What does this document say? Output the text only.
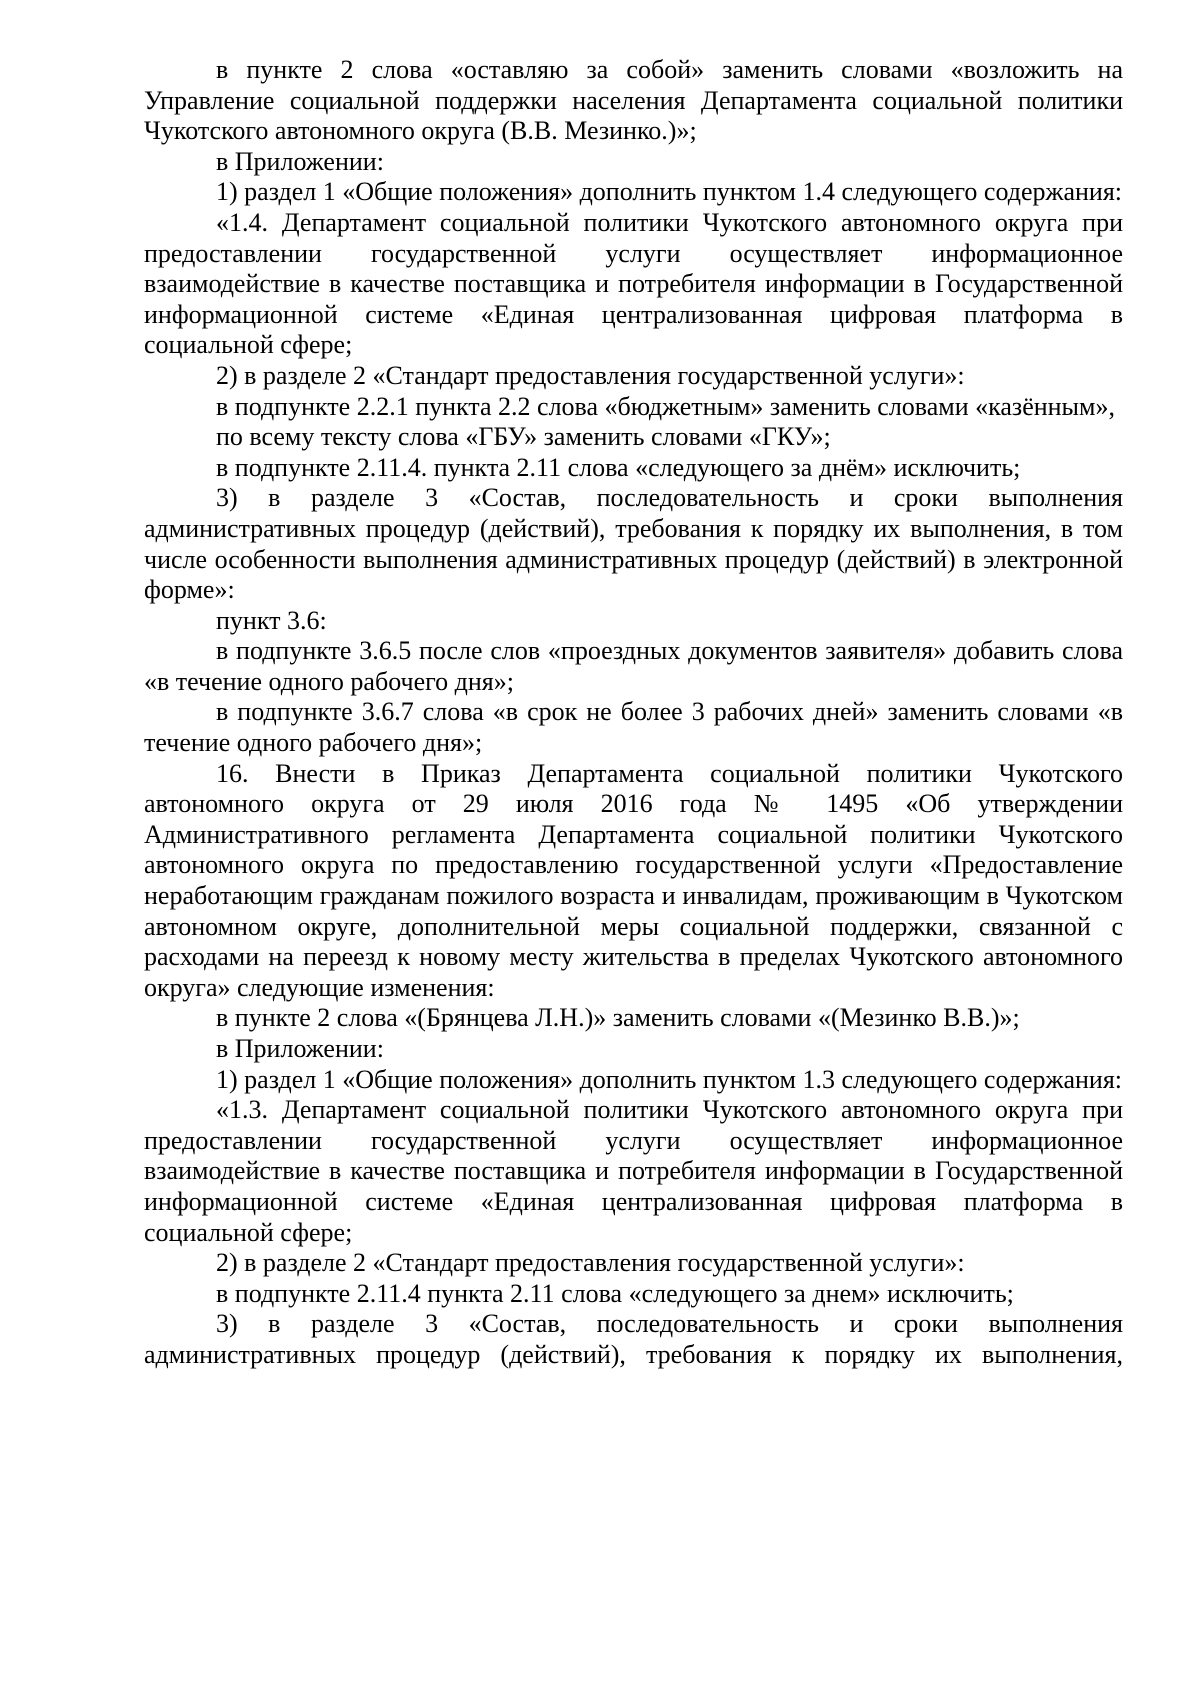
в пункте 2 слова «оставляю за собой» заменить словами «возложить на Управление социальной поддержки населения Департамента социальной политики Чукотского автономного округа (В.В. Мезинко.)»;

в Приложении:

1) раздел 1 «Общие положения» дополнить пунктом 1.4 следующего содержания:

«1.4. Департамент социальной политики Чукотского автономного округа при предоставлении государственной услуги осуществляет информационное взаимодействие в качестве поставщика и потребителя информации в Государственной информационной системе «Единая централизованная цифровая платформа в социальной сфере;

2) в разделе 2 «Стандарт предоставления государственной услуги»:

в подпункте 2.2.1 пункта 2.2 слова «бюджетным» заменить словами «казённым»,

по всему тексту слова «ГБУ» заменить словами «ГКУ»;

в подпункте 2.11.4. пункта 2.11 слова «следующего за днём» исключить;

3) в разделе 3 «Состав, последовательность и сроки выполнения административных процедур (действий), требования к порядку их выполнения, в том числе особенности выполнения административных процедур (действий) в электронной форме»:

пункт 3.6:

в подпункте 3.6.5 после слов «проездных документов заявителя» добавить слова «в течение одного рабочего дня»;

в подпункте 3.6.7 слова «в срок не более 3 рабочих дней» заменить словами «в течение одного рабочего дня»;

16. Внести в Приказ Департамента социальной политики Чукотского автономного округа от 29 июля 2016 года № 1495 «Об утверждении Административного регламента Департамента социальной политики Чукотского автономного округа по предоставлению государственной услуги «Предоставление неработающим гражданам пожилого возраста и инвалидам, проживающим в Чукотском автономном округе, дополнительной меры социальной поддержки, связанной с расходами на переезд к новому месту жительства в пределах Чукотского автономного округа» следующие изменения:

в пункте 2 слова «(Брянцева Л.Н.)» заменить словами «(Мезинко В.В.)»;

в Приложении:

1) раздел 1 «Общие положения» дополнить пунктом 1.3 следующего содержания:

«1.3. Департамент социальной политики Чукотского автономного округа при предоставлении государственной услуги осуществляет информационное взаимодействие в качестве поставщика и потребителя информации в Государственной информационной системе «Единая централизованная цифровая платформа в социальной сфере;

2) в разделе 2 «Стандарт предоставления государственной услуги»:

в подпункте 2.11.4 пункта 2.11 слова «следующего за днем» исключить;

3) в разделе 3 «Состав, последовательность и сроки выполнения административных процедур (действий), требования к порядку их выполнения,
